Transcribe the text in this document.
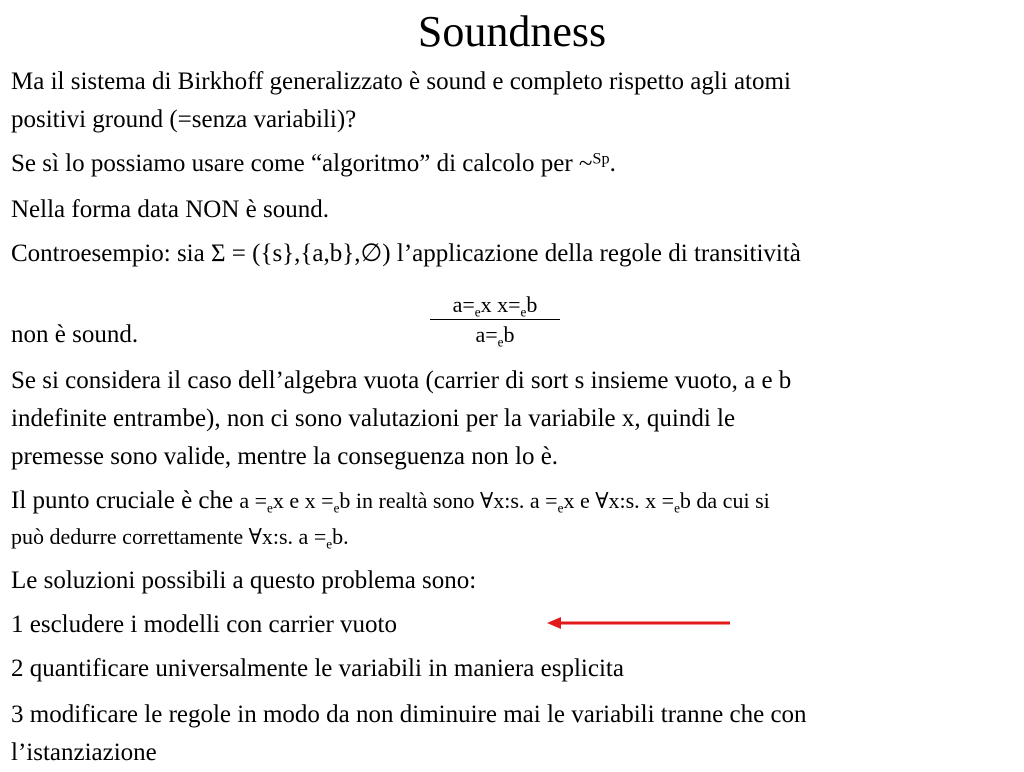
Soundness
Ma il sistema di Birkhoff generalizzato è sound e completo rispetto agli atomi
positivi ground (=senza variabili)?
Se sì lo possiamo usare come “algoritmo” di calcolo per ~$^{Sp}$.
Nella forma data NON è sound.
Controesempio: sia Σ = ({s},{a,b},∅) l’applicazione della regole di transitività
$a=_ex$ $x=_eb$
$a=_eb$
non è sound.
Se si considera il caso dell’algebra vuota (carrier di sort s insieme vuoto, a e b
indefinite entrambe), non ci sono valutazioni per la variabile x, quindi le
premesse sono valide, mentre la conseguenza non lo è.
Il punto cruciale è che $a =_ex$ e $x =_eb$ in realtà sono ∀x:s. $a =_ex$ e ∀x:s. $x =_eb$ da cui si
può dedurre correttamente ∀x:s. $a =_eb$.
Le soluzioni possibili a questo problema sono:
1 escludere i modelli con carrier vuoto
2 quantificare universalmente le variabili in maniera esplicita
3 modificare le regole in modo da non diminuire mai le variabili tranne che con
l’istanziazione
